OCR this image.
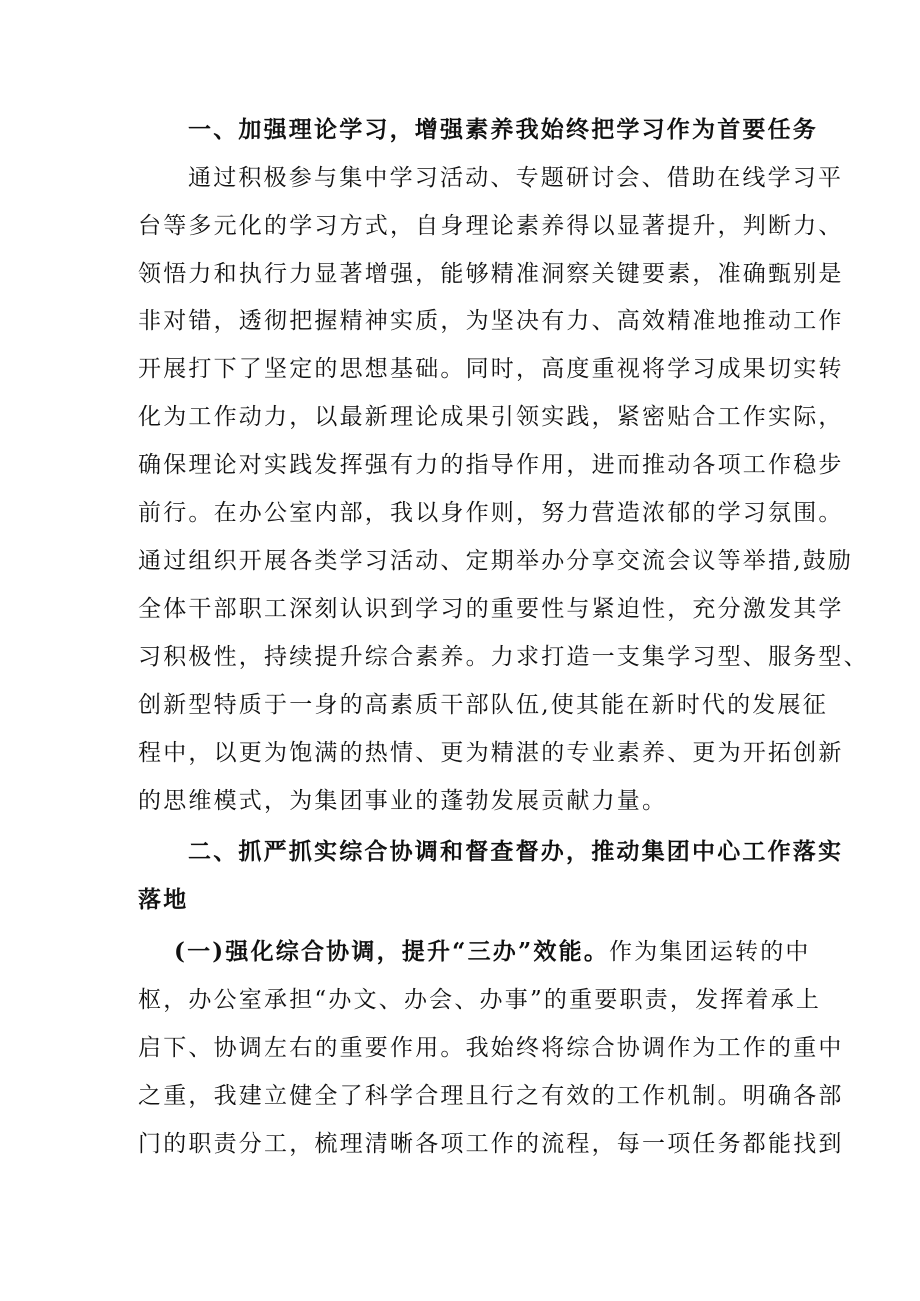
一、加强理论学习，增强素养我始终把学习作为首要任务
通过积极参与集中学习活动、专题研讨会、借助在线学习平
台等多元化的学习方式，自身理论素养得以显著提升，判断力、
领悟力和执行力显著增强，能够精准洞察关键要素，准确甄别是
非对错，透彻把握精神实质，为坚决有力、高效精准地推动工作
开展打下了坚定的思想基础。同时，高度重视将学习成果切实转
化为工作动力，以最新理论成果引领实践，紧密贴合工作实际，
确保理论对实践发挥强有力的指导作用，进而推动各项工作稳步
前行。在办公室内部，我以身作则，努力营造浓郁的学习氛围。
通过组织开展各类学习活动、定期举办分享交流会议等举措,鼓励
全体干部职工深刻认识到学习的重要性与紧迫性，充分激发其学
习积极性，持续提升综合素养。力求打造一支集学习型、服务型、
创新型特质于一身的高素质干部队伍,使其能在新时代的发展征
程中，以更为饱满的热情、更为精湛的专业素养、更为开拓创新
的思维模式，为集团事业的蓬勃发展贡献力量。
二、抓严抓实综合协调和督查督办，推动集团中心工作落实
落地
(一)强化综合协调，提升“三办”效能。作为集团运转的中
枢，办公室承担“办文、办会、办事”的重要职责，发挥着承上
启下、协调左右的重要作用。我始终将综合协调作为工作的重中
之重，我建立健全了科学合理且行之有效的工作机制。明确各部
门的职责分工，梳理清晰各项工作的流程，每一项任务都能找到
